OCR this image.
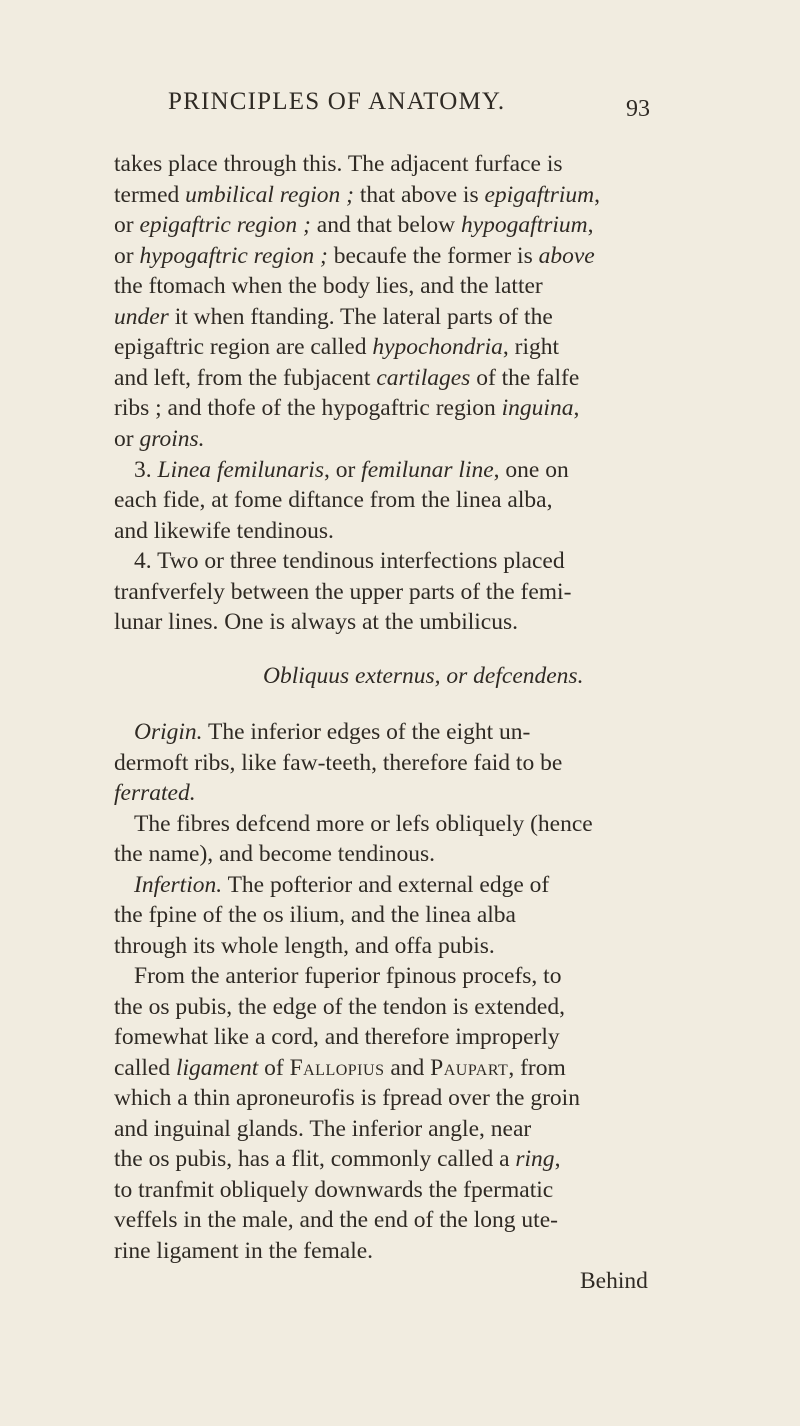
PRINCIPLES OF ANATOMY.	93
takes place through this. The adjacent furface is
termed umbilical region ; that above is epigaftrium,
or epigaftric region ; and that below hypogaftrium,
or hypogaftric region ; becaufe the former is above
the ftomach when the body lies, and the latter
under it when ftanding. The lateral parts of the
epigaftric region are called hypochondria, right
and left, from the fubjacent cartilages of the falfe
ribs ; and thofe of the hypogaftric region inguina,
or groins.
3. Linea femilunaris, or femilunar line, one on
each fide, at fome diftance from the linea alba,
and likewife tendinous.
4. Two or three tendinous interfections placed
tranfverfely between the upper parts of the femi-
lunar lines. One is always at the umbilicus.
Obliquus externus, or defcendens.
Origin. The inferior edges of the eight un-
dermoft ribs, like faw-teeth, therefore faid to be
ferrated.
The fibres defcend more or lefs obliquely (hence
the name), and become tendinous.
Infertion. The pofterior and external edge of
the fpine of the os ilium, and the linea alba
through its whole length, and offa pubis.
From the anterior fuperior fpinous procefs, to
the os pubis, the edge of the tendon is extended,
fomewhat like a cord, and therefore improperly
called ligament of Fallopius and Paupart, from
which a thin aproneurofis is fpread over the groin
and inguinal glands. The inferior angle, near
the os pubis, has a flit, commonly called a ring,
to tranfmit obliquely downwards the fpermatic
veffels in the male, and the end of the long ute-
rine ligament in the female.
Behind
